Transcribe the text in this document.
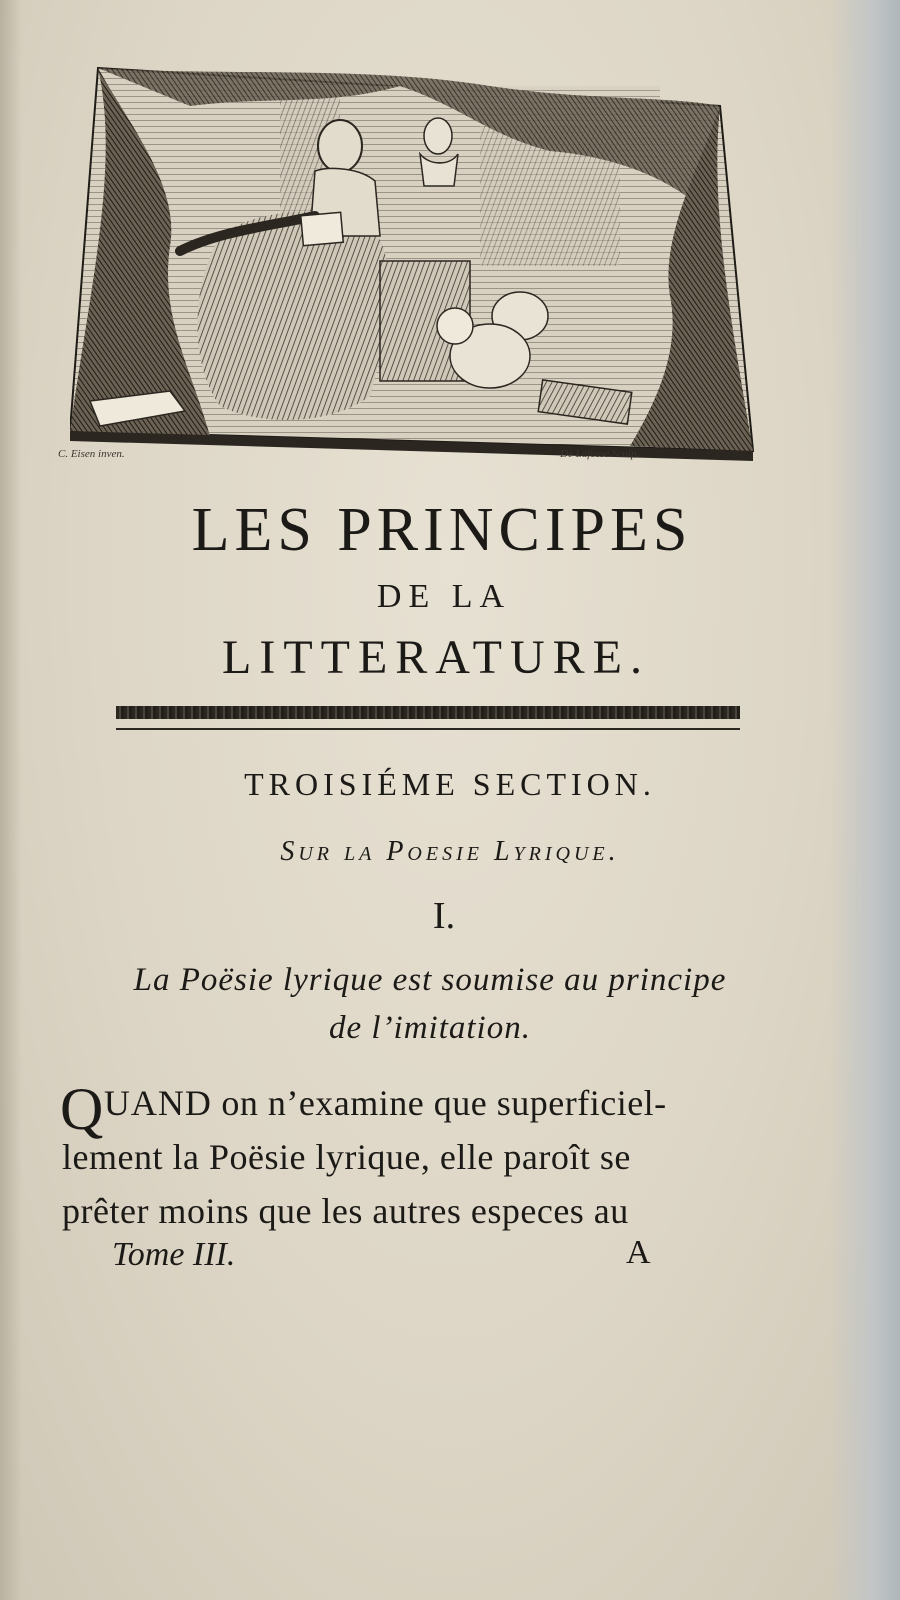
C. Eisen inven.	De Lafosse Sculp.
LES PRINCIPES
DE LA
LITTERATURE.
TROISIÉME SECTION.
Sur la Poesie Lyrique.
I.
La Poësie lyrique est soumise au principe
de l’imitation.
QUAND on n’examine que superficiel-
lement la Poësie lyrique, elle paroît se
prêter moins que les autres especes au
Tome III.	A
